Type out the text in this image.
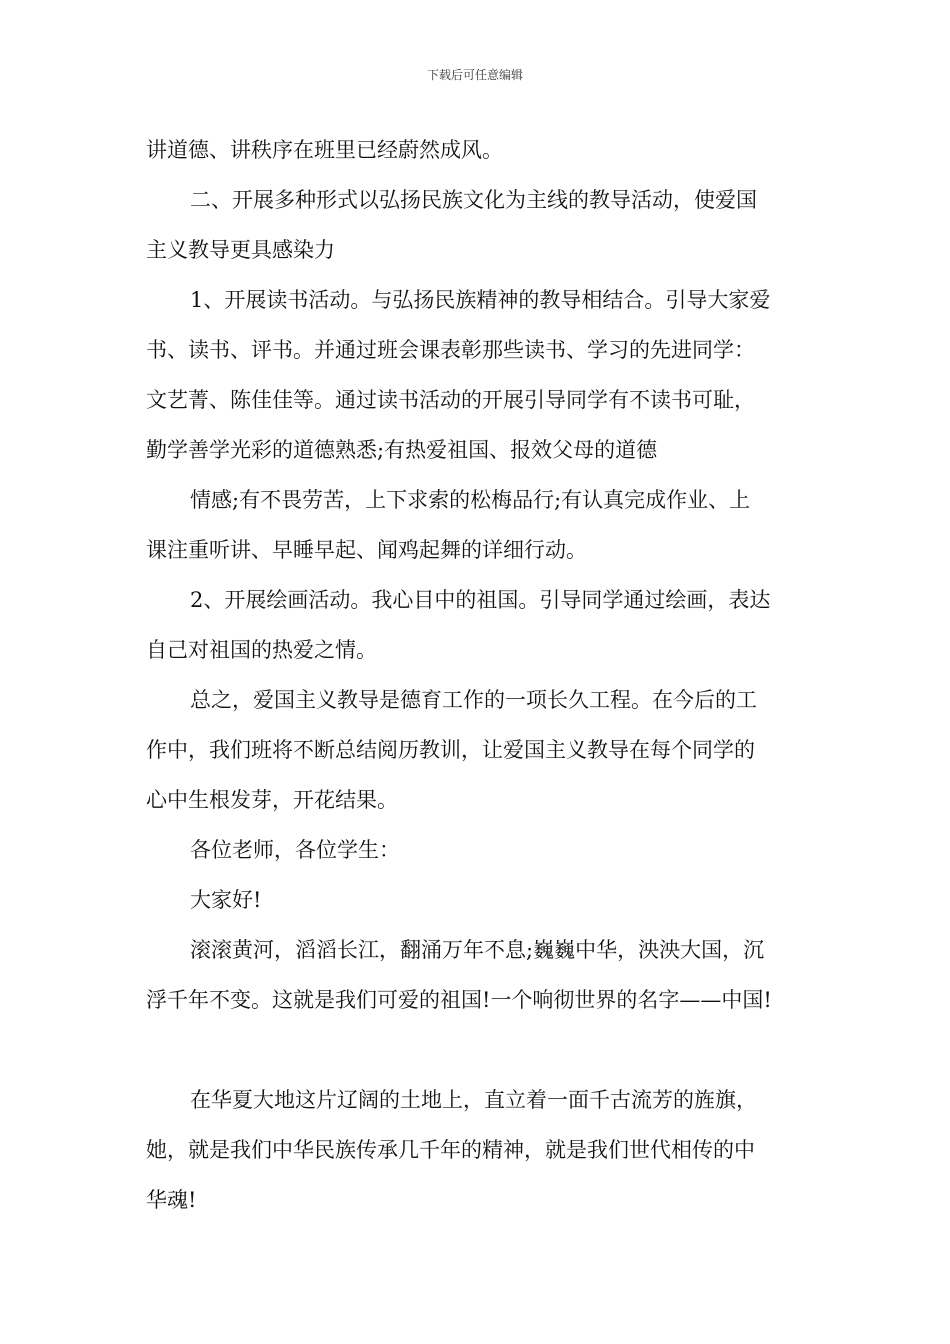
下载后可任意编辑
讲道德、讲秩序在班里已经蔚然成风。
二、开展多种形式以弘扬民族文化为主线的教导活动，使爱国
主义教导更具感染力
1、开展读书活动。与弘扬民族精神的教导相结合。引导大家爱
书、读书、评书。并通过班会课表彰那些读书、学习的先进同学：
文艺菁、陈佳佳等。通过读书活动的开展引导同学有不读书可耻，
勤学善学光彩的道德熟悉;有热爱祖国、报效父母的道德
情感;有不畏劳苦，上下求索的松梅品行;有认真完成作业、上
课注重听讲、早睡早起、闻鸡起舞的详细行动。
2、开展绘画活动。我心目中的祖国。引导同学通过绘画，表达
自己对祖国的热爱之情。
总之，爱国主义教导是德育工作的一项长久工程。在今后的工
作中，我们班将不断总结阅历教训，让爱国主义教导在每个同学的
心中生根发芽，开花结果。
各位老师，各位学生：
大家好!
滚滚黄河，滔滔长江，翻涌万年不息;巍巍中华，泱泱大国，沉
浮千年不变。这就是我们可爱的祖国!一个响彻世界的名字——中国!
在华夏大地这片辽阔的土地上，直立着一面千古流芳的旌旗，
她，就是我们中华民族传承几千年的精神，就是我们世代相传的中
华魂!
